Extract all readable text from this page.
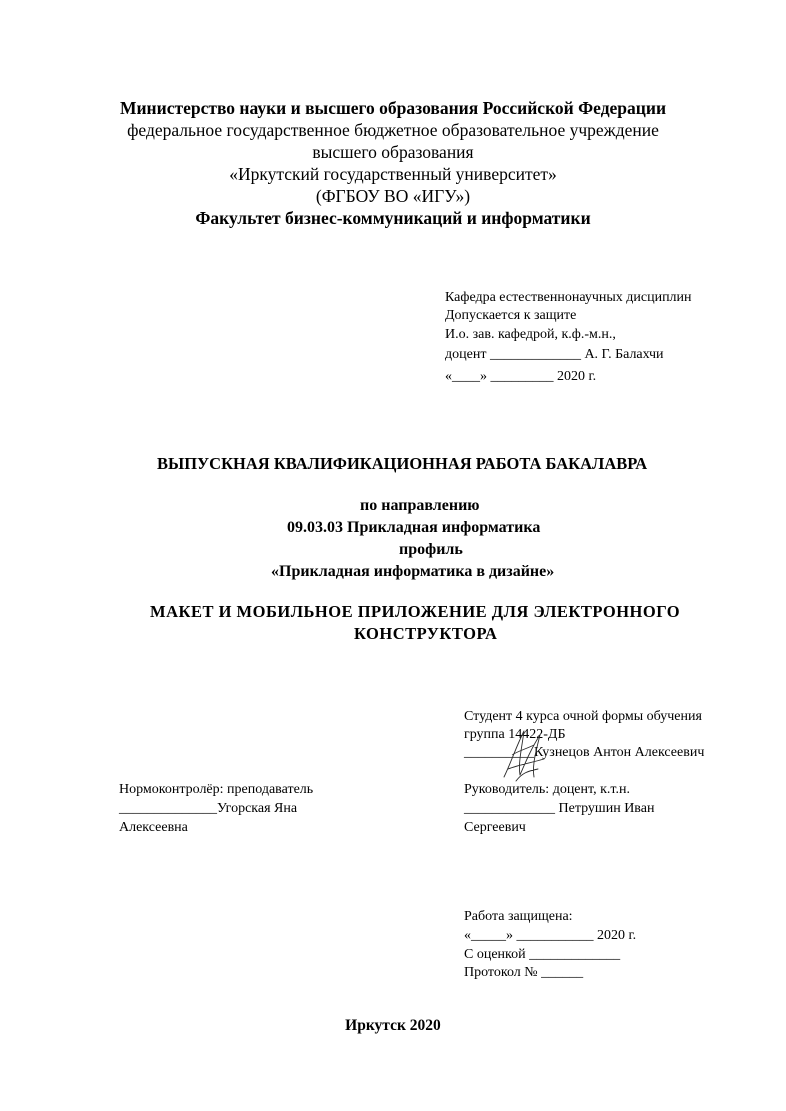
Министерство науки и высшего образования Российской Федерации
федеральное государственное бюджетное образовательное учреждение
высшего образования
«Иркутский государственный университет»
(ФГБОУ ВО «ИГУ»)
Факультет бизнес-коммуникаций и информатики
Кафедра естественнонаучных дисциплин
Допускается к защите
И.о. зав. кафедрой, к.ф.-м.н.,
доцент _____________ А. Г. Балахчи
«____» _________ 2020 г.
ВЫПУСКНАЯ КВАЛИФИКАЦИОННАЯ РАБОТА БАКАЛАВРА
по направлению
09.03.03 Прикладная информатика
профиль
«Прикладная информатика в дизайне»
МАКЕТ И МОБИЛЬНОЕ ПРИЛОЖЕНИЕ ДЛЯ ЭЛЕКТРОННОГО
КОНСТРУКТОРА
Студент 4 курса очной формы обучения
группа 14422-ДБ
__________Кузнецов Антон Алексеевич
Нормоконтролёр: преподаватель
______________Угорская Яна
Алексеевна
Руководитель: доцент, к.т.н.
_____________ Петрушин Иван
Сергеевич
Работа защищена:
«_____» ___________ 2020 г.
С оценкой _____________
Протокол № ______
Иркутск 2020
